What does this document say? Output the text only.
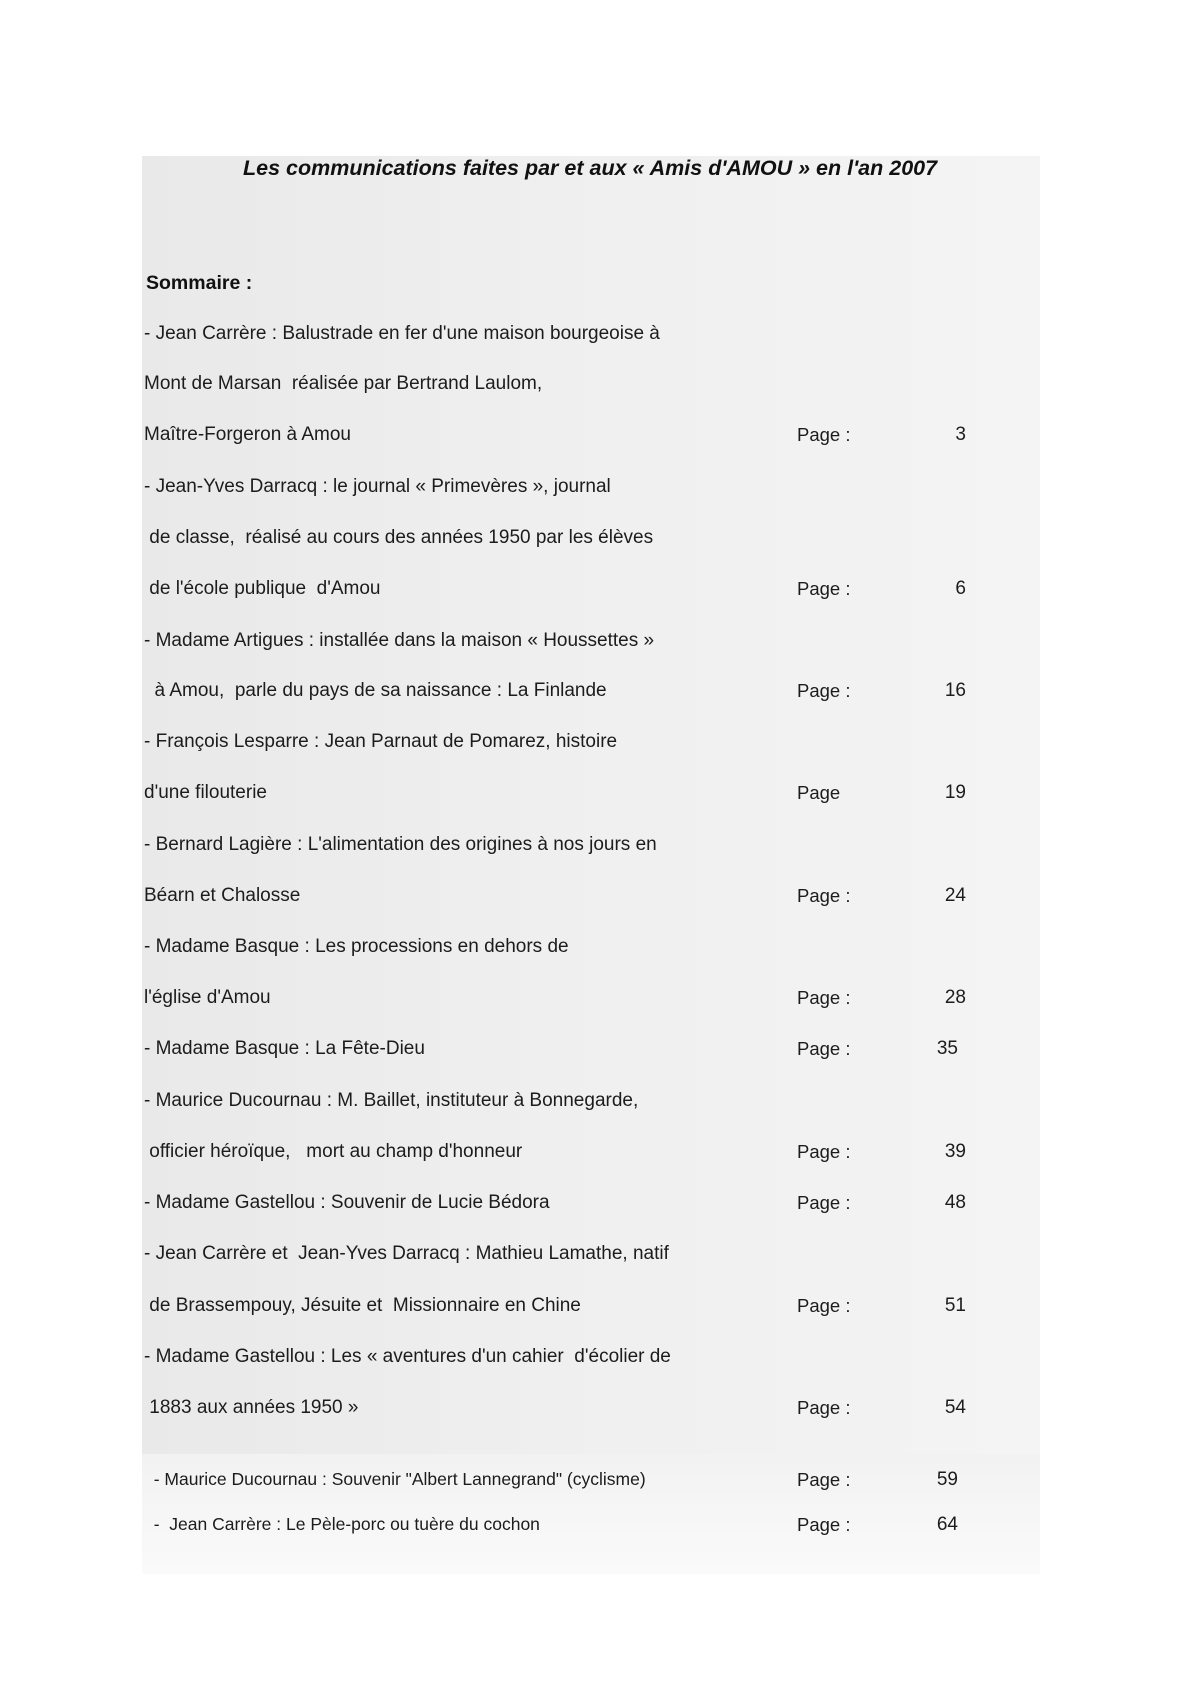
Les communications faites par et aux « Amis d'AMOU » en l'an 2007
Sommaire :
- Jean Carrère : Balustrade en fer d'une maison bourgeoise à
Mont de Marsan  réalisée par Bertrand Laulom,
Maître-Forgeron à Amou	Page :	3
- Jean-Yves Darracq : le journal « Primevères », journal
de classe,  réalisé au cours des années 1950 par les élèves
de l'école publique  d'Amou	Page :	6
- Madame Artigues : installée dans la maison « Houssettes »
à Amou,  parle du pays de sa naissance : La Finlande	Page :	16
- François Lesparre : Jean Parnaut de Pomarez, histoire
d'une filouterie	Page	19
- Bernard Lagière : L'alimentation des origines à nos jours en
Béarn et Chalosse	Page :	24
- Madame Basque : Les processions en dehors de
l'église d'Amou	Page :	28
- Madame Basque : La Fête-Dieu	Page :	35
- Maurice Ducournau : M. Baillet, instituteur à Bonnegarde,
officier héroïque,   mort au champ d'honneur	Page :	39
- Madame Gastellou : Souvenir de Lucie Bédora	Page :	48
- Jean Carrère et  Jean-Yves Darracq : Mathieu Lamathe, natif
de Brassempouy, Jésuite et  Missionnaire en Chine	Page :	51
- Madame Gastellou : Les « aventures d'un cahier  d'écolier de
1883 aux années 1950 »	Page :	54
- Maurice Ducournau : Souvenir "Albert Lannegrand" (cyclisme)	Page :	59
-  Jean Carrère : Le Pèle-porc ou tuère du cochon	Page :	64
